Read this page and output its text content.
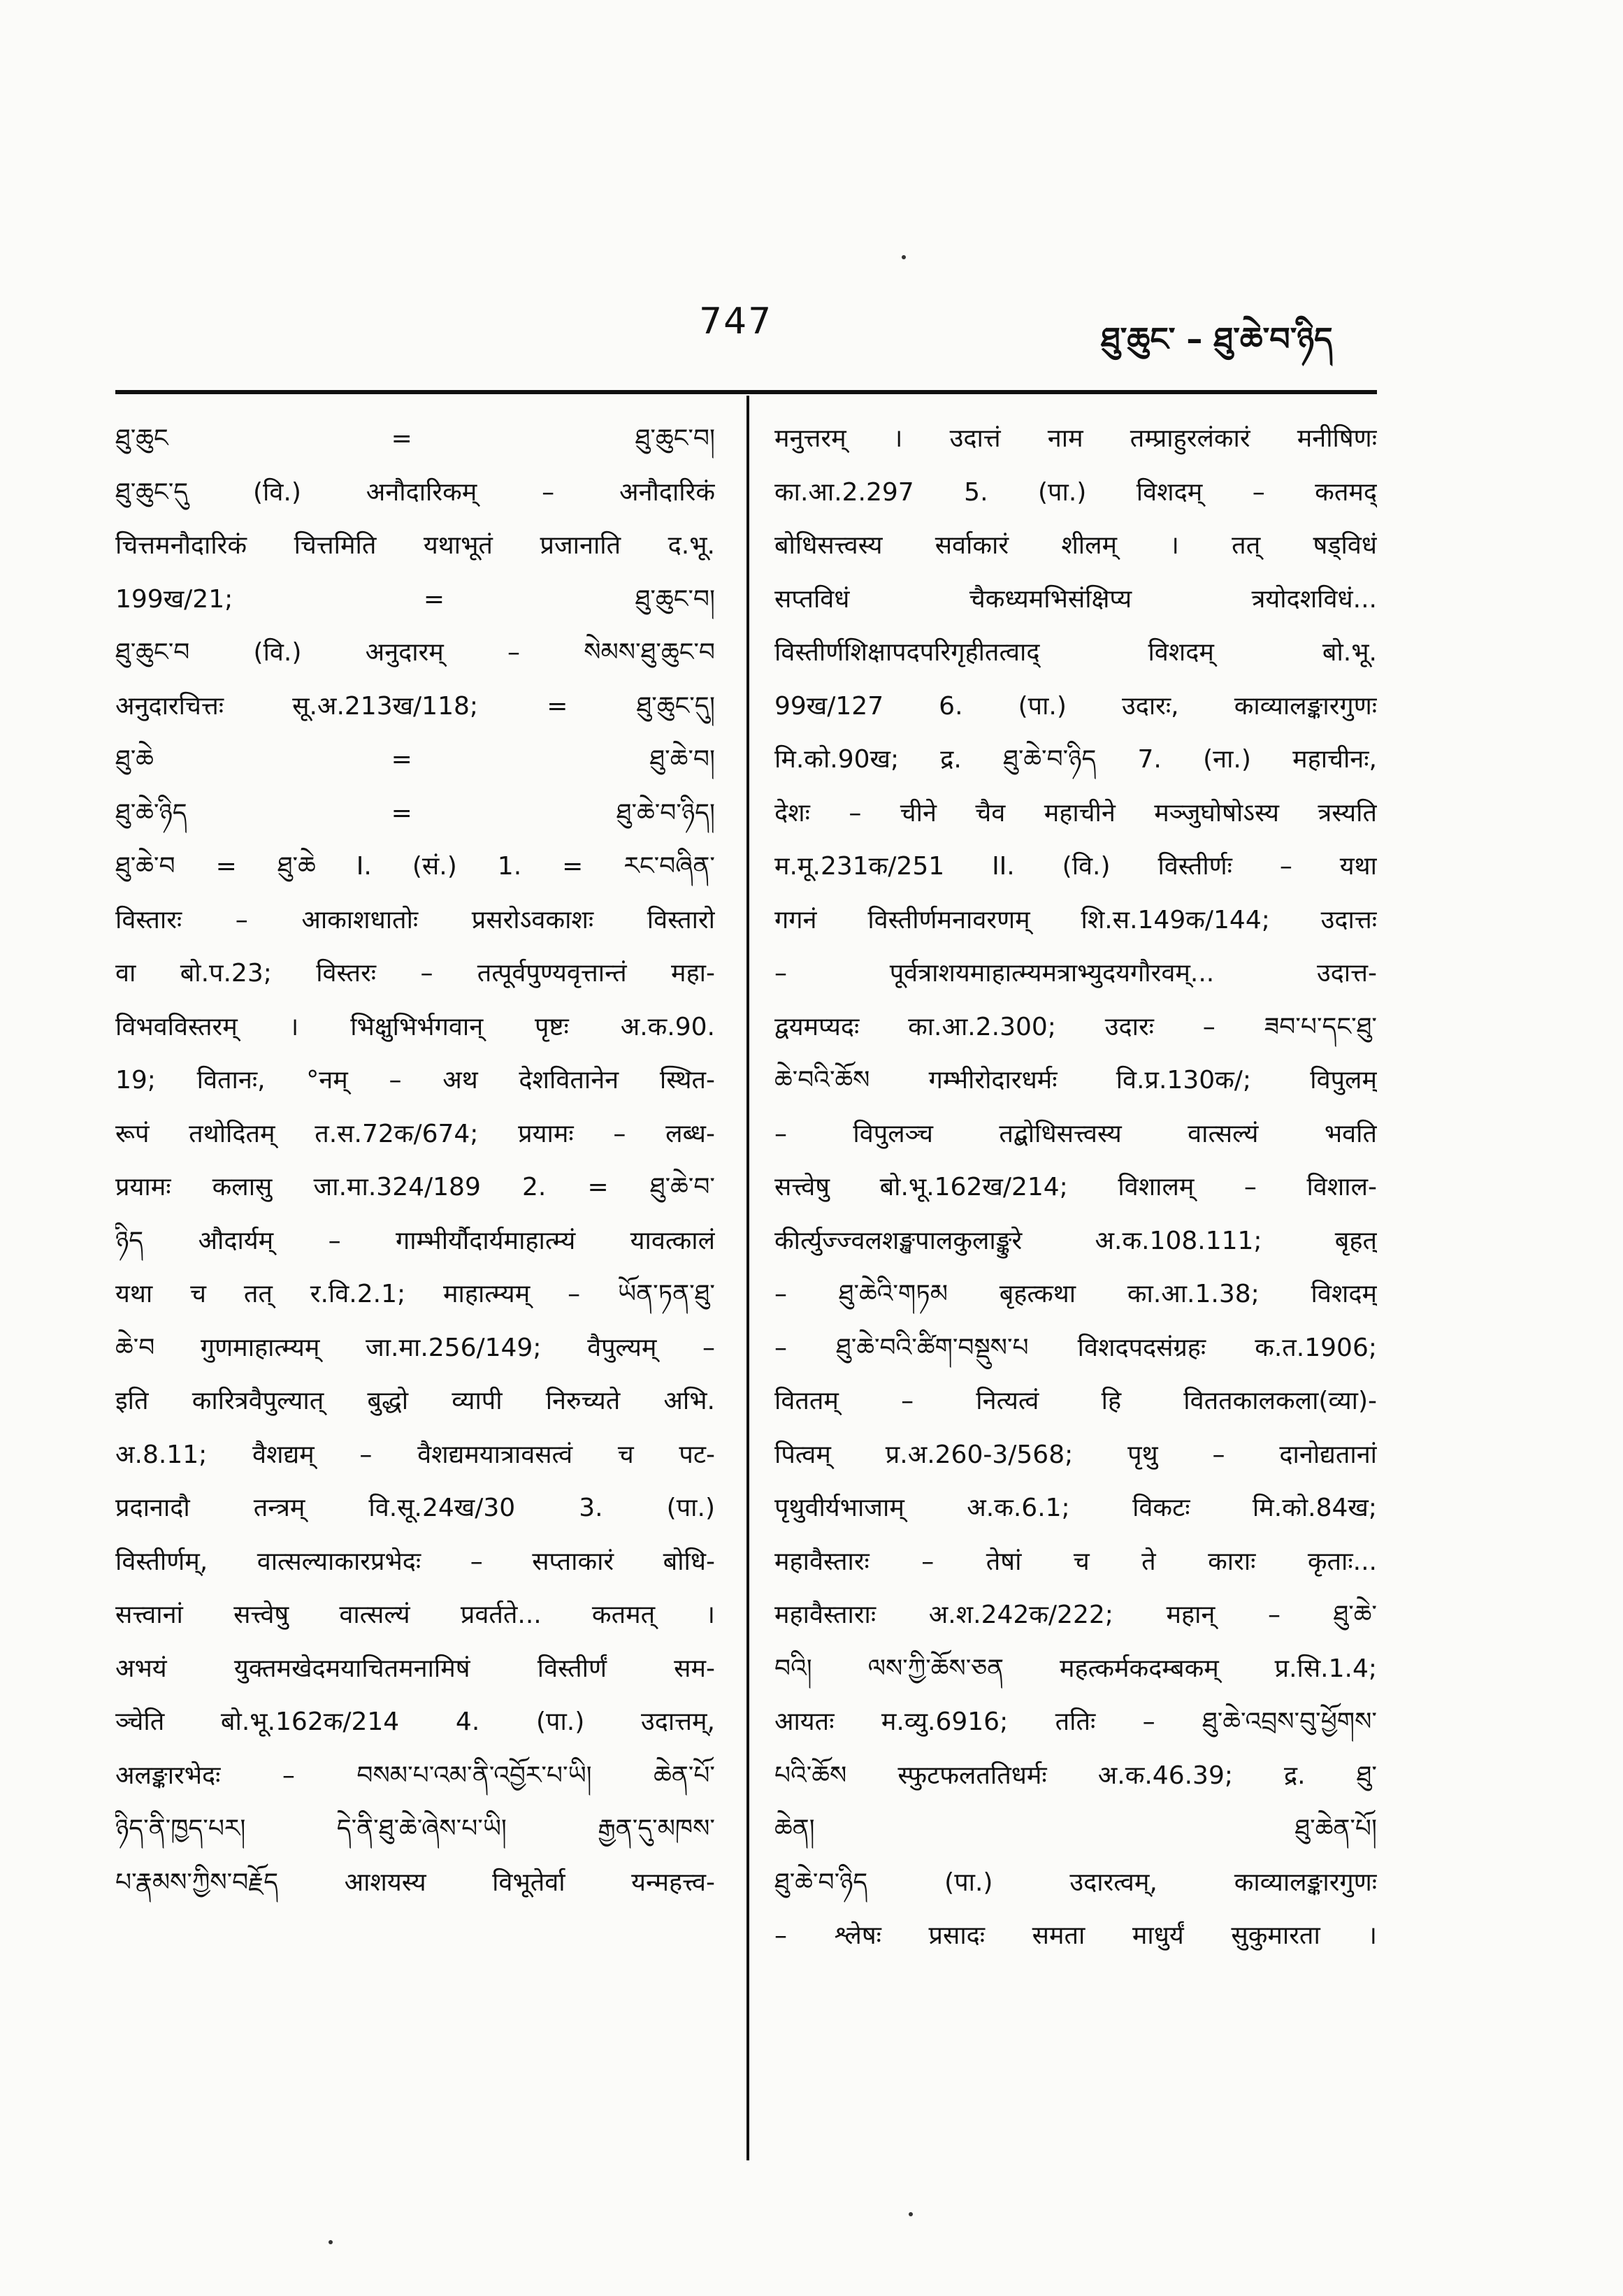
747	ཐུ་ཆུང་ – ཐུ་ཆེ་བ་ཉིད
ཐུ་ཆུང = ཐུ་ཆུང་བ།
ཐུ་ཆུང་དུ (वि.) अनौदारिकम् – अनौदारिकं
चित्तमनौदारिकं चित्तमिति यथाभूतं प्रजानाति द.भू.
199ख/21; = ཐུ་ཆུང་བ།
ཐུ་ཆུང་བ (वि.) अनुदारम् – སེམས་ཐུ་ཆུང་བ
अनुदारचित्तः सू.अ.213ख/118; = ཐུ་ཆུང་དུ།
ཐུ་ཆེ = ཐུ་ཆེ་བ།
ཐུ་ཆེ་ཉིད = ཐུ་ཆེ་བ་ཉིད།
ཐུ་ཆེ་བ = ཐུ་ཆེ I. (सं.) 1. = རང་བཞིན་
विस्तारः – आकाशधातोः प्रसरोऽवकाशः विस्तारो
वा बो.प.23; विस्तरः – तत्पूर्वपुण्यवृत्तान्तं महा-
विभवविस्तरम् । भिक्षुभिर्भगवान् पृष्टः अ.क.90.
19; वितानः, °नम् – अथ देशवितानेन स्थित-
रूपं तथोदितम् त.स.72क/674; प्रयामः – लब्ध-
प्रयामः कलासु जा.मा.324/189 2. = ཐུ་ཆེ་བ་
ཉིད औदार्यम् – गाम्भीर्यौदार्यमाहात्म्यं यावत्कालं
यथा च तत् र.वि.2.1; माहात्म्यम् – ཡོན་ཏན་ཐུ་
ཆེ་བ गुणमाहात्म्यम् जा.मा.256/149; वैपुल्यम् –
इति कारित्रवैपुल्यात् बुद्धो व्यापी निरुच्यते अभि.
अ.8.11; वैशद्यम् – वैशद्यमयात्रावसत्वं च पट-
प्रदानादौ तन्त्रम् वि.सू.24ख/30 3. (पा.)
विस्तीर्णम्, वात्सल्याकारप्रभेदः – सप्ताकारं बोधि-
सत्त्वानां सत्त्वेषु वात्सल्यं प्रवर्तते... कतमत् ।
अभयं युक्तमखेदमयाचितमनामिषं विस्तीर्णं सम-
ञ्चेति बो.भू.162क/214 4. (पा.) उदात्तम्,
अलङ्कारभेदः – བསམ་པ་འམ་ནི་འབྱོར་པ་ཡི། ཆེན་པོ་
ཉིད་ནི་ཁྱད་པར། དེ་ནི་ཐུ་ཆེ་ཞེས་པ་ཡི། རྒྱན་དུ་མཁས་
པ་རྣམས་ཀྱིས་བརྗོད आशयस्य विभूतेर्वा यन्महत्त्व-
मनुत्तरम् । उदात्तं नाम तम्प्राहुरलंकारं मनीषिणः
का.आ.2.297 5. (पा.) विशदम् – कतमद्
बोधिसत्त्वस्य सर्वाकारं शीलम् । तत् षड्विधं
सप्तविधं चैकध्यमभिसंक्षिप्य त्रयोदशविधं...
विस्तीर्णशिक्षापदपरिगृहीतत्वाद् विशदम् बो.भू.
99ख/127 6. (पा.) उदारः, काव्यालङ्कारगुणः
मि.को.90ख; द्र. ཐུ་ཆེ་བ་ཉིད 7. (ना.) महाचीनः,
देशः – चीने चैव महाचीने मञ्जुघोषोऽस्य त्रस्यति
म.मू.231क/251 II. (वि.) विस्तीर्णः – यथा
गगनं विस्तीर्णमनावरणम् शि.स.149क/144; उदात्तः
– पूर्वत्राशयमाहात्म्यमत्राभ्युदयगौरवम्... उदात्त-
द्वयमप्यदः का.आ.2.300; उदारः – ཟབ་པ་དང་ཐུ་
ཆེ་བའི་ཆོས गम्भीरोदारधर्मः वि.प्र.130क/; विपुलम्
– विपुलञ्च तद्बोधिसत्त्वस्य वात्सल्यं भवति
सत्त्वेषु बो.भू.162ख/214; विशालम् – विशाल-
कीर्त्युज्ज्वलशङ्खपालकुलाङ्कुरे अ.क.108.111; बृहत्
– ཐུ་ཆེའི་གཏམ बृहत्कथा का.आ.1.38; विशदम्
– ཐུ་ཆེ་བའི་ཚིག་བསྡུས་པ विशदपदसंग्रहः क.त.1906;
विततम् – नित्यत्वं हि विततकालकला(व्या)-
पित्वम् प्र.अ.260-3/568; पृथु – दानोद्यतानां
पृथुवीर्यभाजाम् अ.क.6.1; विकटः मि.को.84ख;
महावैस्तारः – तेषां च ते काराः कृताः...
महावैस्ताराः अ.श.242क/222; महान् – ཐུ་ཆེ་
བའི། ལས་ཀྱི་ཆོས་ཅན महत्कर्मकदम्बकम् प्र.सि.1.4;
आयतः म.व्यु.6916; ततिः – ཐུ་ཆེ་འབྲས་བུ་ཕྱོགས་
པའི་ཆོས स्फुटफलततिधर्मः अ.क.46.39; द्र. ཐུ་
ཆེན། ཐུ་ཆེན་པོ།
ཐུ་ཆེ་བ་ཉིད (पा.) उदारत्वम्, काव्यालङ्कारगुणः
– श्लेषः प्रसादः समता माधुर्यं सुकुमारता ।
